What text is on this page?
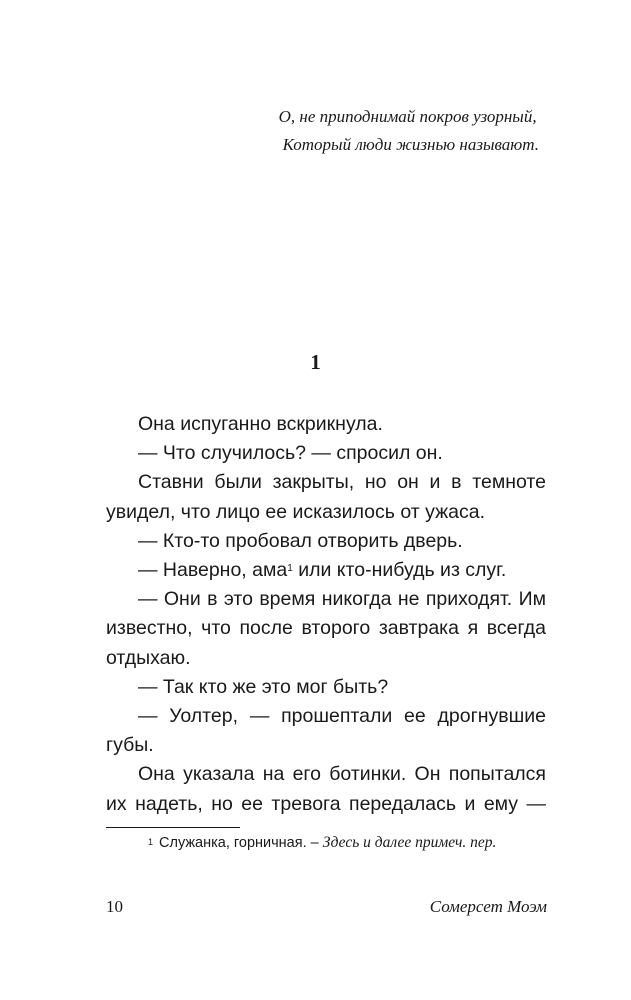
О, не приподнимай покров узорный,
Который люди жизнью называют.
1

Она испуганно вскрикнула.

— Что случилось? — спросил он.

Ставни были закрыты, но он и в темноте
увидел, что лицо ее исказилось от ужаса.

— Кто-то пробовал отворить дверь.

— Наверно, ама$^1$ или кто-нибудь из слуг.

— Они в это время никогда не приходят. Им
известно, что после второго завтрака я всегда
отдыхаю.

— Так кто же это мог быть?

— Уолтер, — прошептали ее дрогнувшие
губы.

Она указала на его ботинки. Он попытался
их надеть, но ее тревога передалась и ему —

$^1$ Служанка, горничная. – Здесь и далее примеч. пер.
10	Сомерсет Моэм
